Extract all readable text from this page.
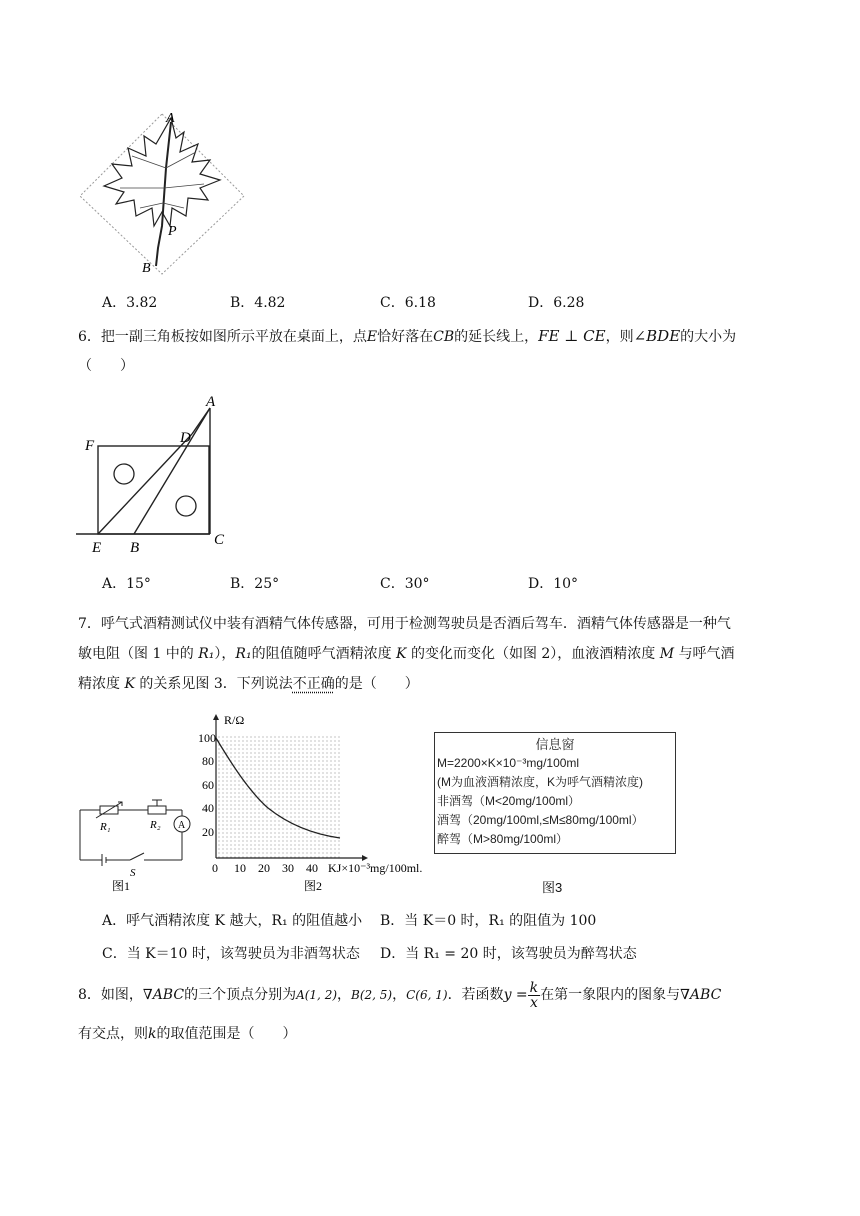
A
P
B
A．3.82	B．4.82	C．6.18	D．6.28
6．把一副三角板按如图所示平放在桌面上，点E恰好落在CB的延长线上，FE ⊥ CE，则∠BDE的大小为
（　　）
A
D
F
E B	C
A．15°	B．25°	C．30°	D．10°
7．呼气式酒精测试仪中装有酒精气体传感器，可用于检测驾驶员是否酒后驾车．酒精气体传感器是一种气
敏电阻（图 1 中的 R₁），R₁的阻值随呼气酒精浓度 K 的变化而变化（如图 2），血液酒精浓度 M 与呼气酒
精浓度 K 的关系见图 3．下列说法不正确的是（　　）
A
R₁	R₂
S
图1
R/Ω
100
80
60
40
20
0 10 20 30 40 KJ×10⁻³mg/100ml.
图2
信息窗
M=2200×K×10⁻³mg/100ml
(M为血液酒精浓度，K为呼气酒精浓度)
非酒驾（M<20mg/100ml）
酒驾（20mg/100ml,≤M≤80mg/100ml）
醉驾（M>80mg/100ml）
图3
A．呼气酒精浓度 K 越大，R₁ 的阻值越小 B．当 K＝0 时，R₁ 的阻值为 100
C．当 K＝10 时，该驾驶员为非酒驾状态 D．当 R₁ = 20 时，该驾驶员为醉驾状态
8．如图，∇ABC的三个顶点分别为A(1, 2)，B(2, 5)，C(6, 1)．若函数$y = \frac{k}{x}$ 在第一象限内的图象与∇ABC
有交点，则k的取值范围是（　　）
